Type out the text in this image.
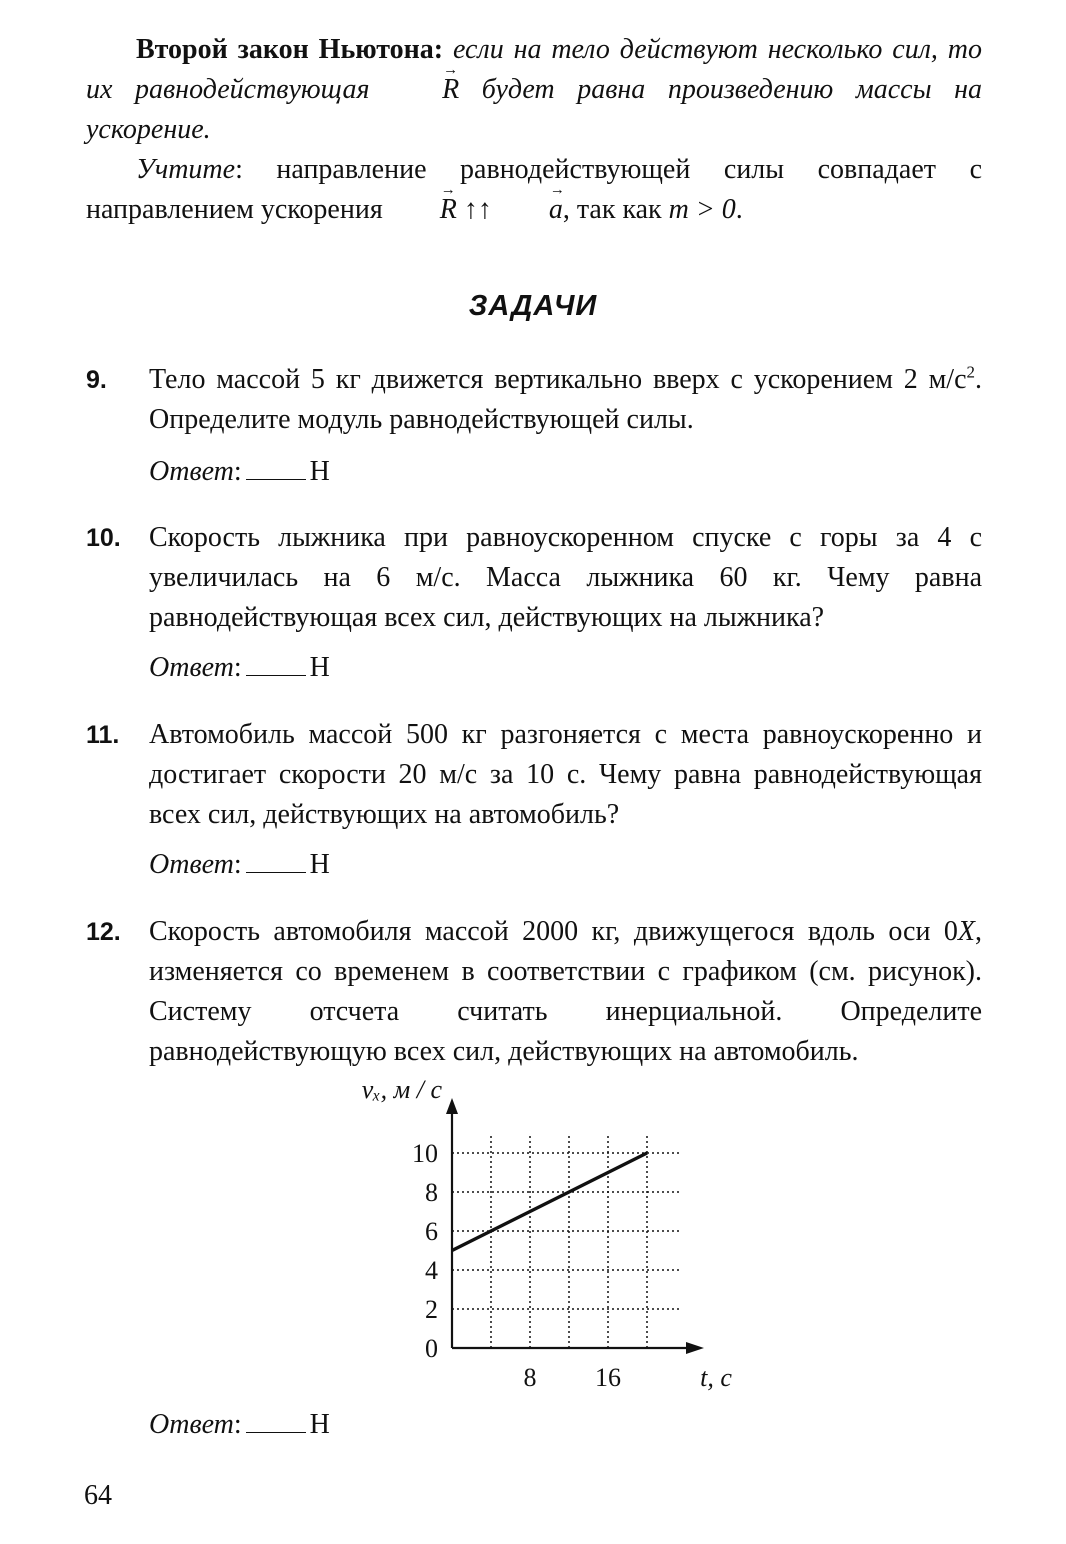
Второй закон Ньютона: если на тело действуют несколько сил, то их равнодействующая	→ R будет равна произведению массы на ускорение.
Учтите: направление равнодействующей силы совпадает с направлением ускорения → R ↑↑ → a, так как m > 0.
ЗАДАЧИ
9. Тело массой 5 кг движется вертикально вверх с ускорением 2 $м/с^2$. Определите модуль равнодействующей силы.
Ответ: Н
10. Скорость лыжника при равноускоренном спуске с горы за 4 с увеличилась на 6 м/с. Масса лыжника 60 кг. Чему равна равнодействующая всех сил, действующих на лыжника?
Ответ: Н
11. Автомобиль массой 500 кг разгоняется с места равноускоренно и достигает скорости 20 м/с за 10 с. Чему равна равнодействующая всех сил, действующих на автомобиль?
Ответ: Н
12. Скорость автомобиля массой 2000 кг, движущегося вдоль оси 0X, изменяется со временем в соответствии с графиком (см. рисунок). Систему отсчета считать инерциальной. Определите равнодействующую всех сил, действующих на автомобиль.
0
2
4
6
8
10
8 16
vₓ, м / с
t, с
Ответ: Н
64
